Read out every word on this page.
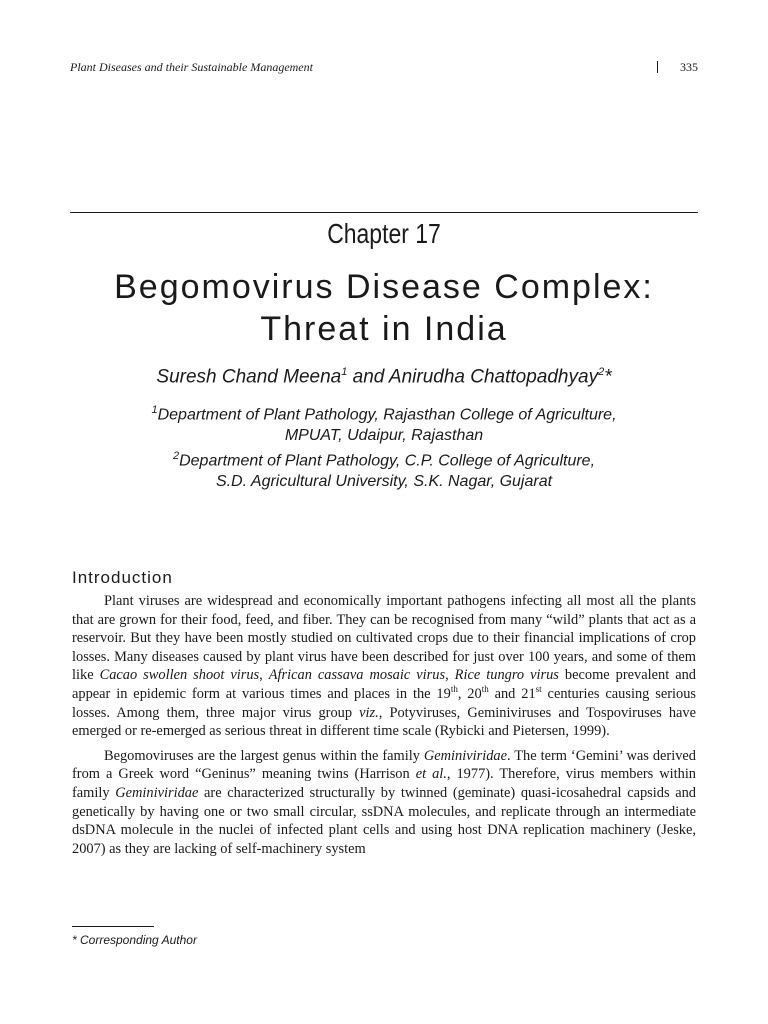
Plant Diseases and their Sustainable Management	335
Chapter 17
Begomovirus Disease Complex:
Threat in India
Suresh Chand Meena$^1$ and Anirudha Chattopadhyay$^2$*
$^1$Department of Plant Pathology, Rajasthan College of Agriculture,
MPUAT, Udaipur, Rajasthan
$^2$Department of Plant Pathology, C.P. College of Agriculture,
S.D. Agricultural University, S.K. Nagar, Gujarat
Introduction

Plant viruses are widespread and economically important pathogens infecting all most all the plants that are grown for their food, feed, and fiber. They can be recognised from many “wild” plants that act as a reservoir. But they have been mostly studied on cultivated crops due to their financial implications of crop losses. Many diseases caused by plant virus have been described for just over 100 years, and some of them like Cacao swollen shoot virus, African cassava mosaic virus, Rice tungro virus become prevalent and appear in epidemic form at various times and places in the 19th, 20th and 21st centuries causing serious losses. Among them, three major virus group viz., Potyviruses, Geminiviruses and Tospoviruses have emerged or re-emerged as serious threat in different time scale (Rybicki and Pietersen, 1999).

Begomoviruses are the largest genus within the family Geminiviridae. The term ‘Gemini’ was derived from a Greek word “Geninus” meaning twins (Harrison et al., 1977). Therefore, virus members within family Geminiviridae are characterized structurally by twinned (geminate) quasi-icosahedral capsids and genetically by having one or two small circular, ssDNA molecules, and replicate through an intermediate dsDNA molecule in the nuclei of infected plant cells and using host DNA replication machinery (Jeske, 2007) as they are lacking of self-machinery system

* Corresponding Author
